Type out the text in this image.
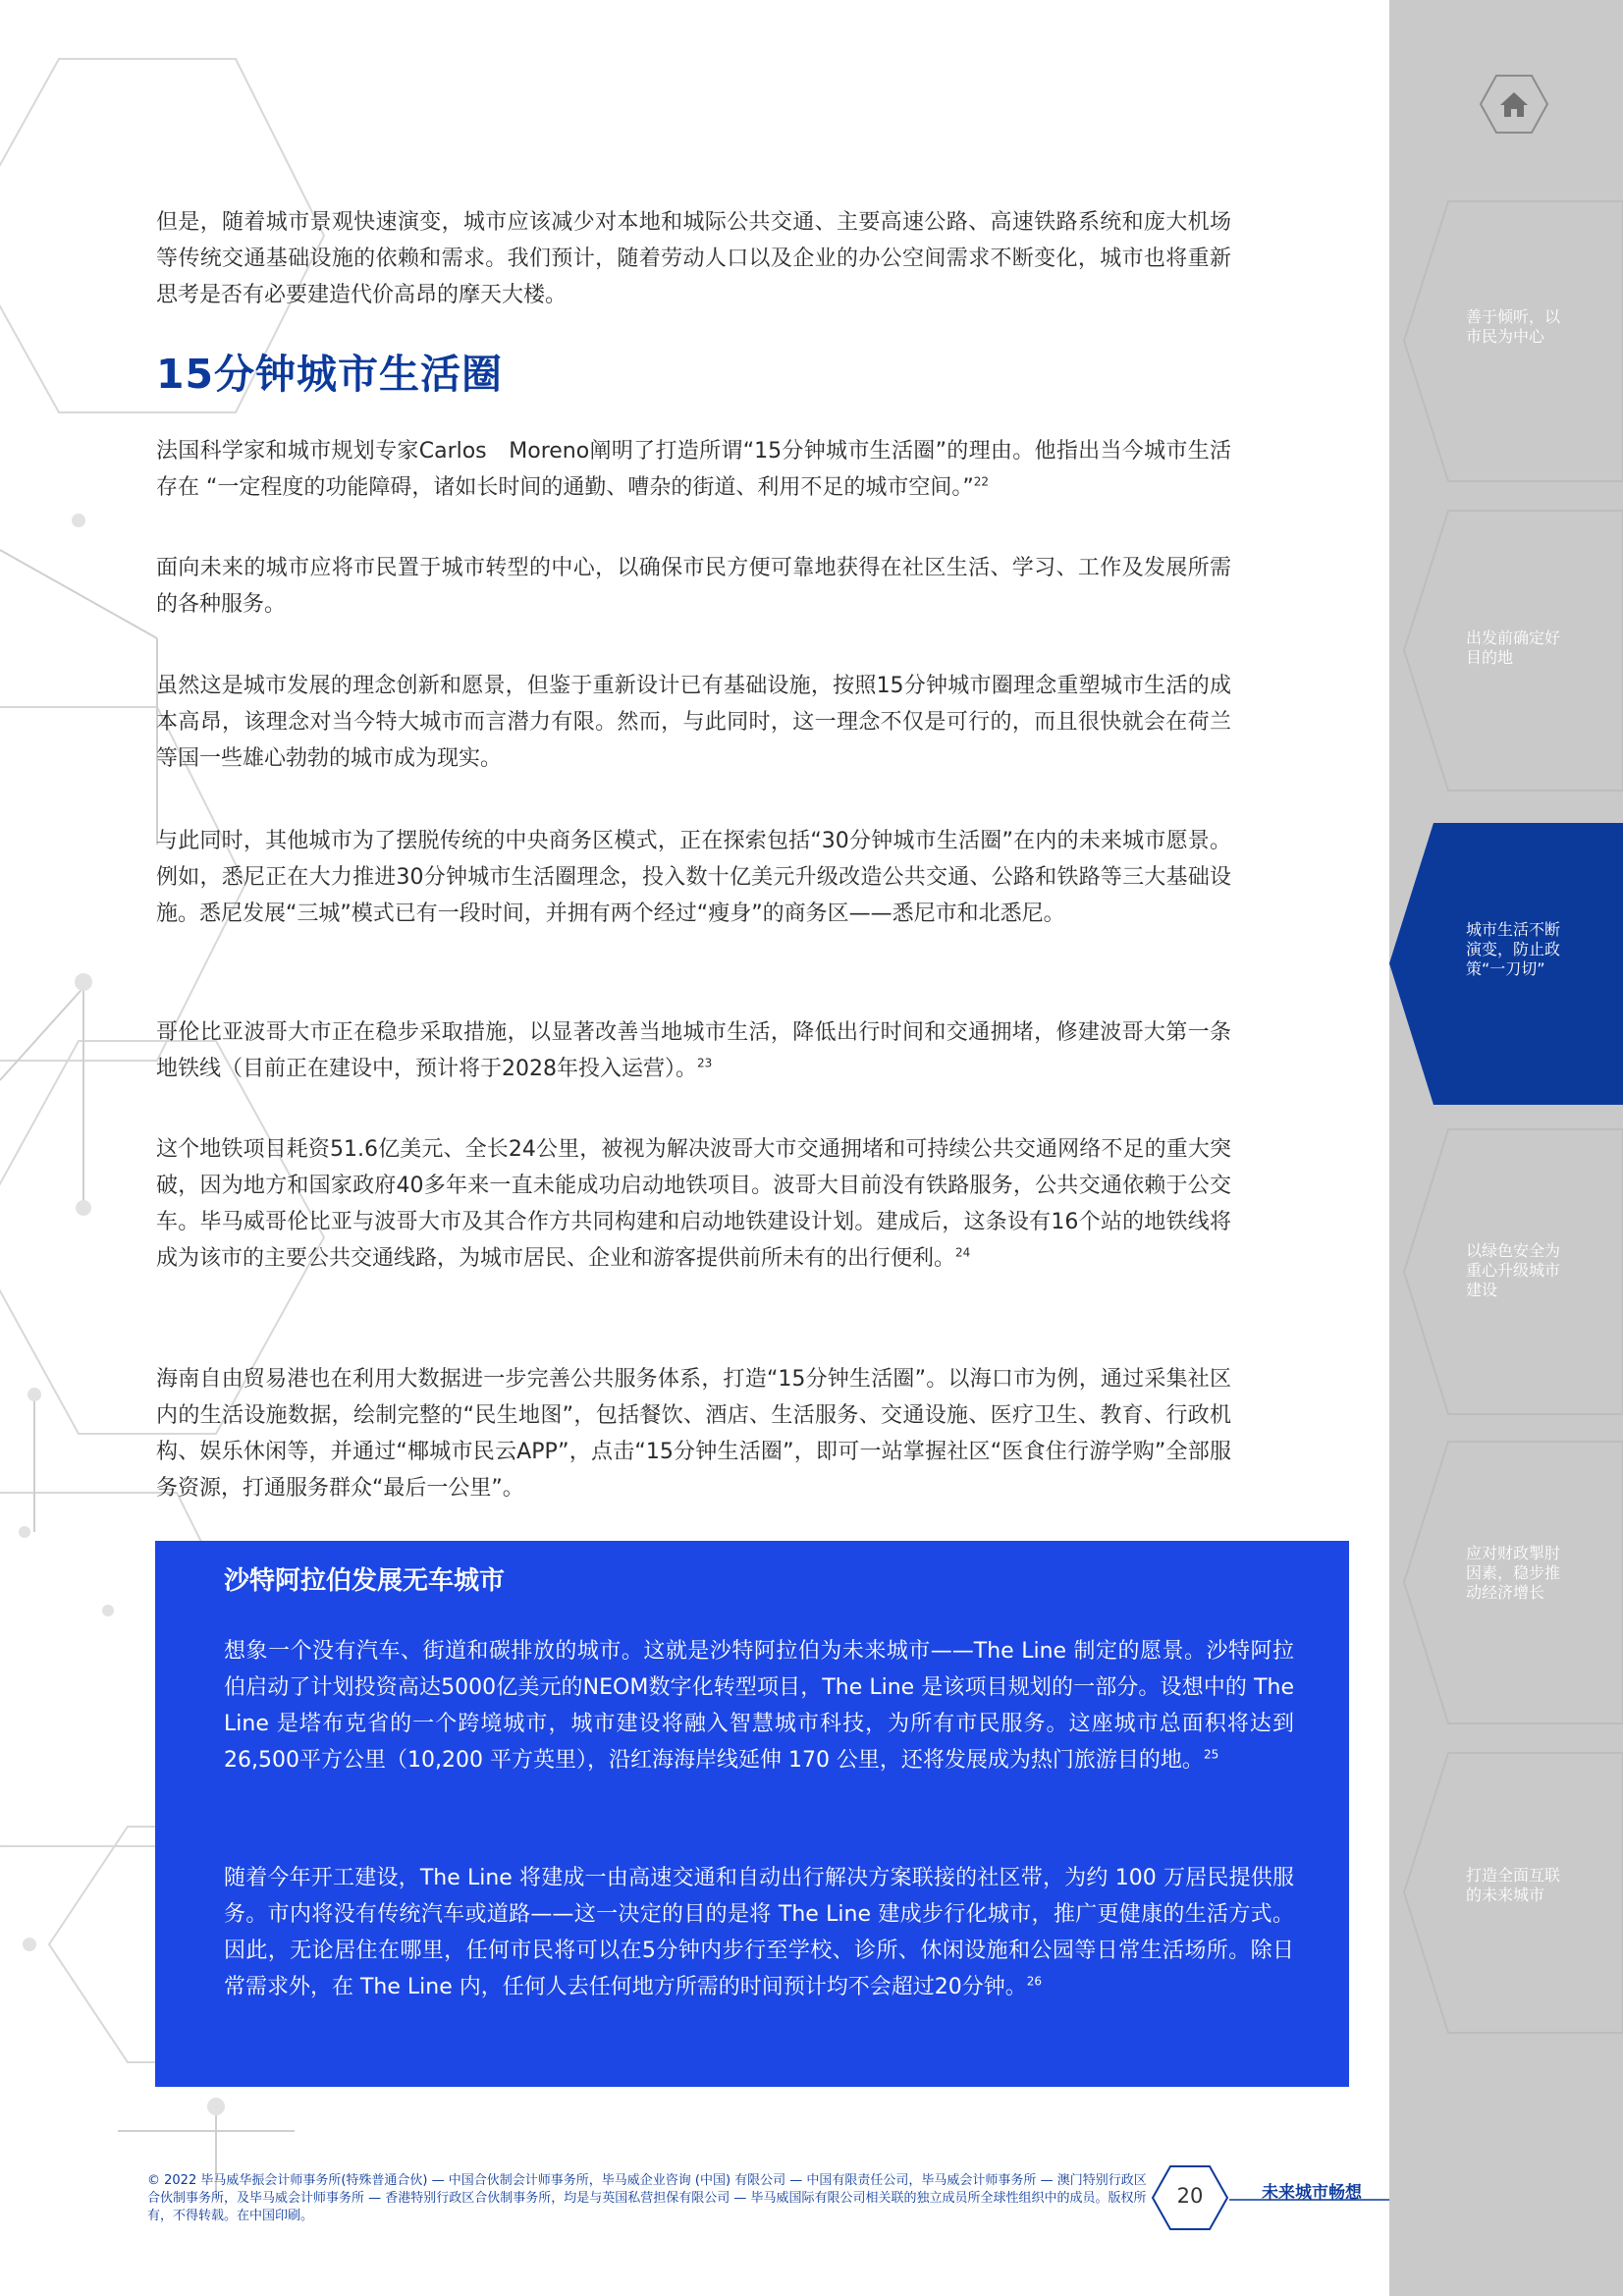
但是，随着城市景观快速演变，城市应该减少对本地和城际公共交通、主要高速公路、高速铁路系统和庞大机场等传统交通基础设施的依赖和需求。我们预计，随着劳动人口以及企业的办公空间需求不断变化，城市也将重新思考是否有必要建造代价高昂的摩天大楼。

15分钟城市生活圈

法国科学家和城市规划专家Carlos　Moreno阐明了打造所谓“15分钟城市生活圈”的理由。他指出当今城市生活存在 “一定程度的功能障碍，诸如长时间的通勤、嘈杂的街道、利用不足的城市空间。”$^{22}$

面向未来的城市应将市民置于城市转型的中心，以确保市民方便可靠地获得在社区生活、学习、工作及发展所需的各种服务。

虽然这是城市发展的理念创新和愿景，但鉴于重新设计已有基础设施，按照15分钟城市圈理念重塑城市生活的成本高昂，该理念对当今特大城市而言潜力有限。然而，与此同时，这一理念不仅是可行的，而且很快就会在荷兰等国一些雄心勃勃的城市成为现实。

与此同时，其他城市为了摆脱传统的中央商务区模式，正在探索包括“30分钟城市生活圈”在内的未来城市愿景。例如，悉尼正在大力推进30分钟城市生活圈理念，投入数十亿美元升级改造公共交通、公路和铁路等三大基础设施。悉尼发展“三城”模式已有一段时间，并拥有两个经过“瘦身”的商务区——悉尼市和北悉尼。

哥伦比亚波哥大市正在稳步采取措施，以显著改善当地城市生活，降低出行时间和交通拥堵，修建波哥大第一条地铁线（目前正在建设中，预计将于2028年投入运营）。$^{23}$

这个地铁项目耗资51.6亿美元、全长24公里，被视为解决波哥大市交通拥堵和可持续公共交通网络不足的重大突破，因为地方和国家政府40多年来一直未能成功启动地铁项目。波哥大目前没有铁路服务，公共交通依赖于公交车。毕马威哥伦比亚与波哥大市及其合作方共同构建和启动地铁建设计划。建成后，这条设有16个站的地铁线将成为该市的主要公共交通线路，为城市居民、企业和游客提供前所未有的出行便利。$^{24}$

海南自由贸易港也在利用大数据进一步完善公共服务体系，打造“15分钟生活圈”。以海口市为例，通过采集社区内的生活设施数据，绘制完整的“民生地图”，包括餐饮、酒店、生活服务、交通设施、医疗卫生、教育、行政机构、娱乐休闲等，并通过“椰城市民云APP”，点击“15分钟生活圈”，即可一站掌握社区“医食住行游学购”全部服务资源，打通服务群众“最后一公里”。

沙特阿拉伯发展无车城市

想象一个没有汽车、街道和碳排放的城市。这就是沙特阿拉伯为未来城市——The Line 制定的愿景。沙特阿拉伯启动了计划投资高达5000亿美元的NEOM数字化转型项目，The Line 是该项目规划的一部分。设想中的 The Line 是塔布克省的一个跨境城市，城市建设将融入智慧城市科技，为所有市民服务。这座城市总面积将达到26,500平方公里（10,200 平方英里），沿红海海岸线延伸 170 公里，还将发展成为热门旅游目的地。$^{25}$

随着今年开工建设，The Line 将建成一由高速交通和自动出行解决方案联接的社区带，为约 100 万居民提供服务。市内将没有传统汽车或道路——这一决定的目的是将 The Line 建成步行化城市，推广更健康的生活方式。因此，无论居住在哪里，任何市民将可以在5分钟内步行至学校、诊所、休闲设施和公园等日常生活场所。除日常需求外，在 The Line 内，任何人去任何地方所需的时间预计均不会超过20分钟。$^{26}$

善于倾听，以市民为中心

出发前确定好目的地

城市生活不断演变，防止政策“一刀切”

以绿色安全为重心升级城市建设

应对财政掣肘因素，稳步推动经济增长

打造全面互联的未来城市

© 2022 毕马威华振会计师事务所(特殊普通合伙) — 中国合伙制会计师事务所，毕马威企业咨询 (中国) 有限公司 — 中国有限责任公司，毕马威会计师事务所 — 澳门特别行政区合伙制事务所，及毕马威会计师事务所 — 香港特别行政区合伙制事务所，均是与英国私营担保有限公司 — 毕马威国际有限公司相关联的独立成员所全球性组织中的成员。版权所有，不得转载。在中国印刷。

20	未来城市畅想
